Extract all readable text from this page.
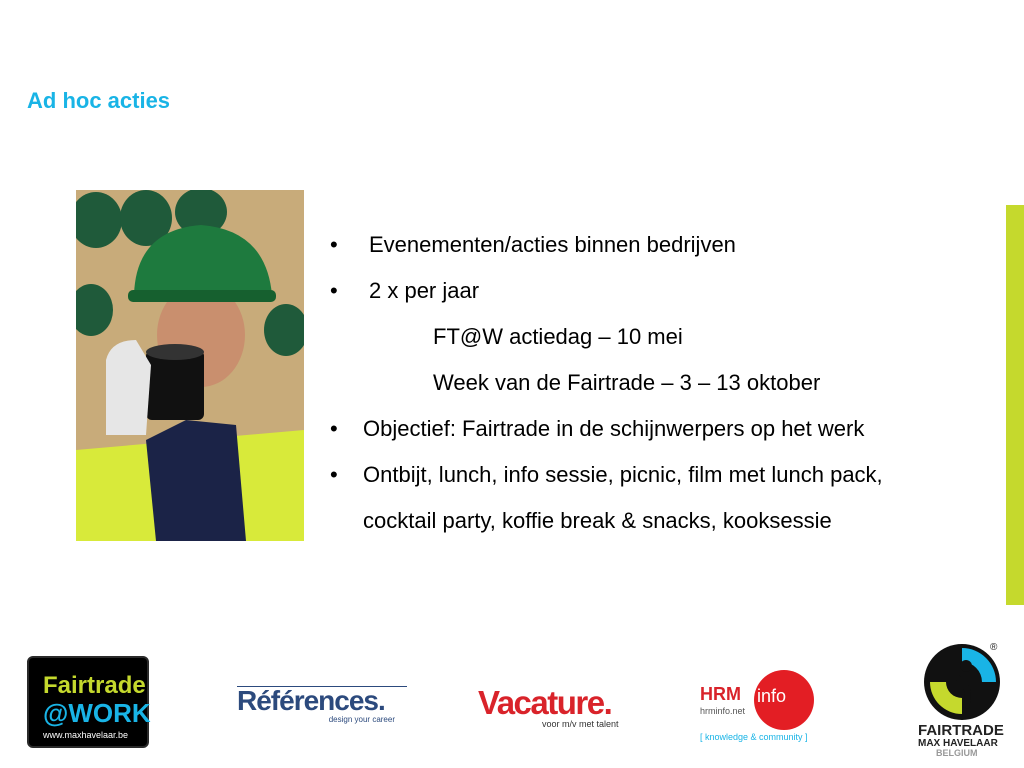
Ad hoc acties
• Evenementen/acties binnen bedrijven
• 2 x per jaar
FT@W actiedag – 10 mei
Week van de Fairtrade – 3 – 13 oktober
• Objectief: Fairtrade in de schijnwerpers op het werk
• Ontbijt, lunch, info sessie, picnic, film met lunch pack,
cocktail party, koffie break & snacks, kooksessie
Fairtrade
@WORK
www.maxhavelaar.be
Références.
design your career	Vacature.
voor m/v met talent
info
HRM
hrminfo.net
[ knowledge & community ]
®
FAIRTRADE
MAX HAVELAAR
BELGIUM
